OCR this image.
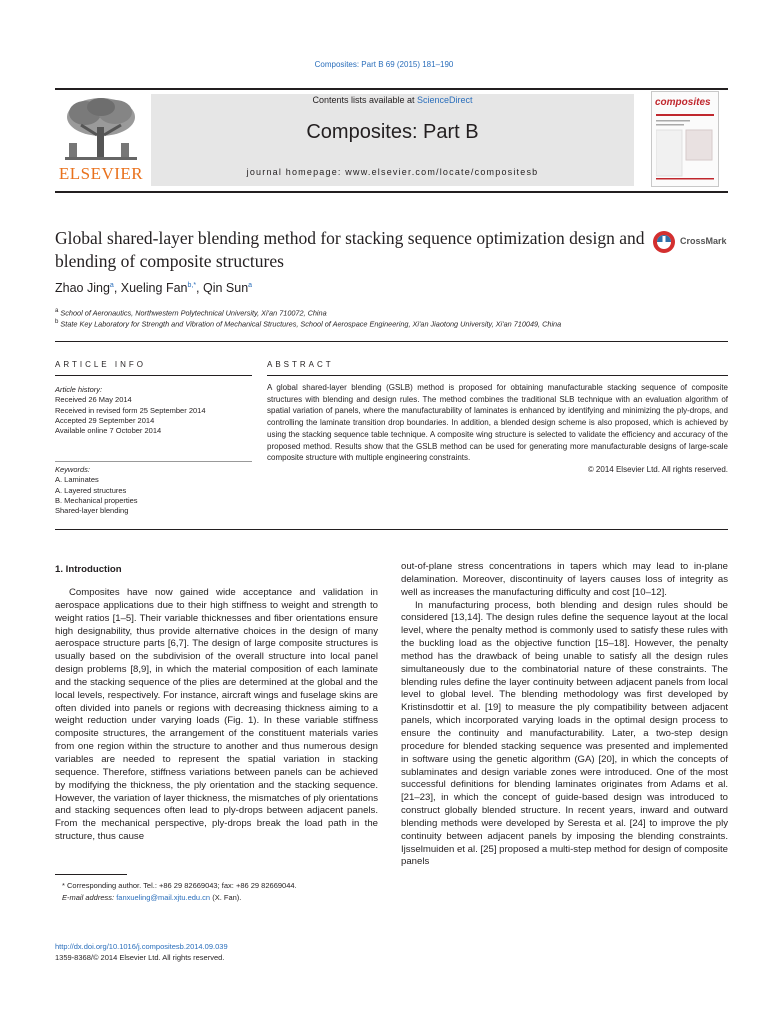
Composites: Part B 69 (2015) 181–190
ELSEVIER
Contents lists available at ScienceDirect
Composites: Part B
journal homepage: www.elsevier.com/locate/compositesb
composites
Global shared-layer blending method for stacking sequence optimization design and blending of composite structures
CrossMark
Zhao Jing$^a$, Xueling Fan$^{b,*}$, Qin Sun$^a$
$^a$ School of Aeronautics, Northwestern Polytechnical University, Xi'an 710072, China
$^b$ State Key Laboratory for Strength and Vibration of Mechanical Structures, School of Aerospace Engineering, Xi'an Jiaotong University, Xi'an 710049, China
ARTICLE INFO	ABSTRACT
Article history:
Received 26 May 2014
Received in revised form 25 September 2014
Accepted 29 September 2014
Available online 7 October 2014
Keywords:
A. Laminates
A. Layered structures
B. Mechanical properties
Shared-layer blending
A global shared-layer blending (GSLB) method is proposed for obtaining manufacturable stacking sequence of composite structures with blending and design rules. The method combines the traditional SLB technique with an evaluation algorithm of spatial variation of panels, where the manufacturability of laminates is enhanced by identifying and minimizing the ply-drops, and controlling the laminate transition drop boundaries. In addition, a blended design scheme is also proposed, which is achieved by using the stacking sequence table technique. A composite wing structure is selected to validate the efficiency and accuracy of the proposed method. Results show that the GSLB method can be used for generating more manufacturable designs of large-scale composite structure with multiple engineering constraints.
© 2014 Elsevier Ltd. All rights reserved.
1. Introduction

Composites have now gained wide acceptance and validation in aerospace applications due to their high stiffness to weight and strength to weight ratios [1–5]. Their variable thicknesses and fiber orientations ensure high designability, thus provide alternative choices in the design of many aerospace structure parts [6,7]. The design of large composite structures is usually based on the subdivision of the overall structure into local panel design problems [8,9], in which the material composition of each laminate and the stacking sequence of the plies are determined at the global and the local levels, respectively. For instance, aircraft wings and fuselage skins are often divided into panels or regions with decreasing thickness aiming to a weight reduction under varying loads (Fig. 1). In these variable stiffness composite structures, the arrangement of the constituent materials varies from one region within the structure to another and thus numerous design variables are needed to represent the spatial variation in stacking sequence. Therefore, stiffness variations between panels can be achieved by modifying the thickness, the ply orientation and the stacking sequence. However, the variation of layer thickness, the mismatches of ply orientations and stacking sequences often lead to ply-drops between adjacent panels. From the mechanical perspective, ply-drops break the load path in the structure, thus cause

out-of-plane stress concentrations in tapers which may lead to in-plane delamination. Moreover, discontinuity of layers causes loss of integrity as well as increases the manufacturing difficulty and cost [10–12].

In manufacturing process, both blending and design rules should be considered [13,14]. The design rules define the sequence layout at the local level, where the penalty method is commonly used to satisfy these rules with the buckling load as the objective function [15–18]. However, the penalty method has the drawback of being unable to satisfy all the design rules simultaneously due to the combinatorial nature of these constraints. The blending rules define the layer continuity between adjacent panels from local level to global level. The blending methodology was first developed by Kristinsdottir et al. [19] to measure the ply compatibility between adjacent panels, which incorporated varying loads in the optimal design process to ensure the continuity and manufacturability. Later, a two-step design procedure for blended stacking sequence was presented and implemented in software using the genetic algorithm (GA) [20], in which the concepts of sublaminates and design variable zones were introduced. One of the most successful definitions for blending laminates originates from Adams et al. [21–23], in which the concept of guide-based design was introduced to construct globally blended structure. In recent years, inward and outward blending methods were developed by Seresta et al. [24] to improve the ply continuity between adjacent panels by imposing the blending constraints. Ijsselmuiden et al. [25] proposed a multi-step method for design of composite panels

* Corresponding author. Tel.: +86 29 82669043; fax: +86 29 82669044.
E-mail address: fanxueling@mail.xjtu.edu.cn (X. Fan).
http://dx.doi.org/10.1016/j.compositesb.2014.09.039
1359-8368/© 2014 Elsevier Ltd. All rights reserved.
